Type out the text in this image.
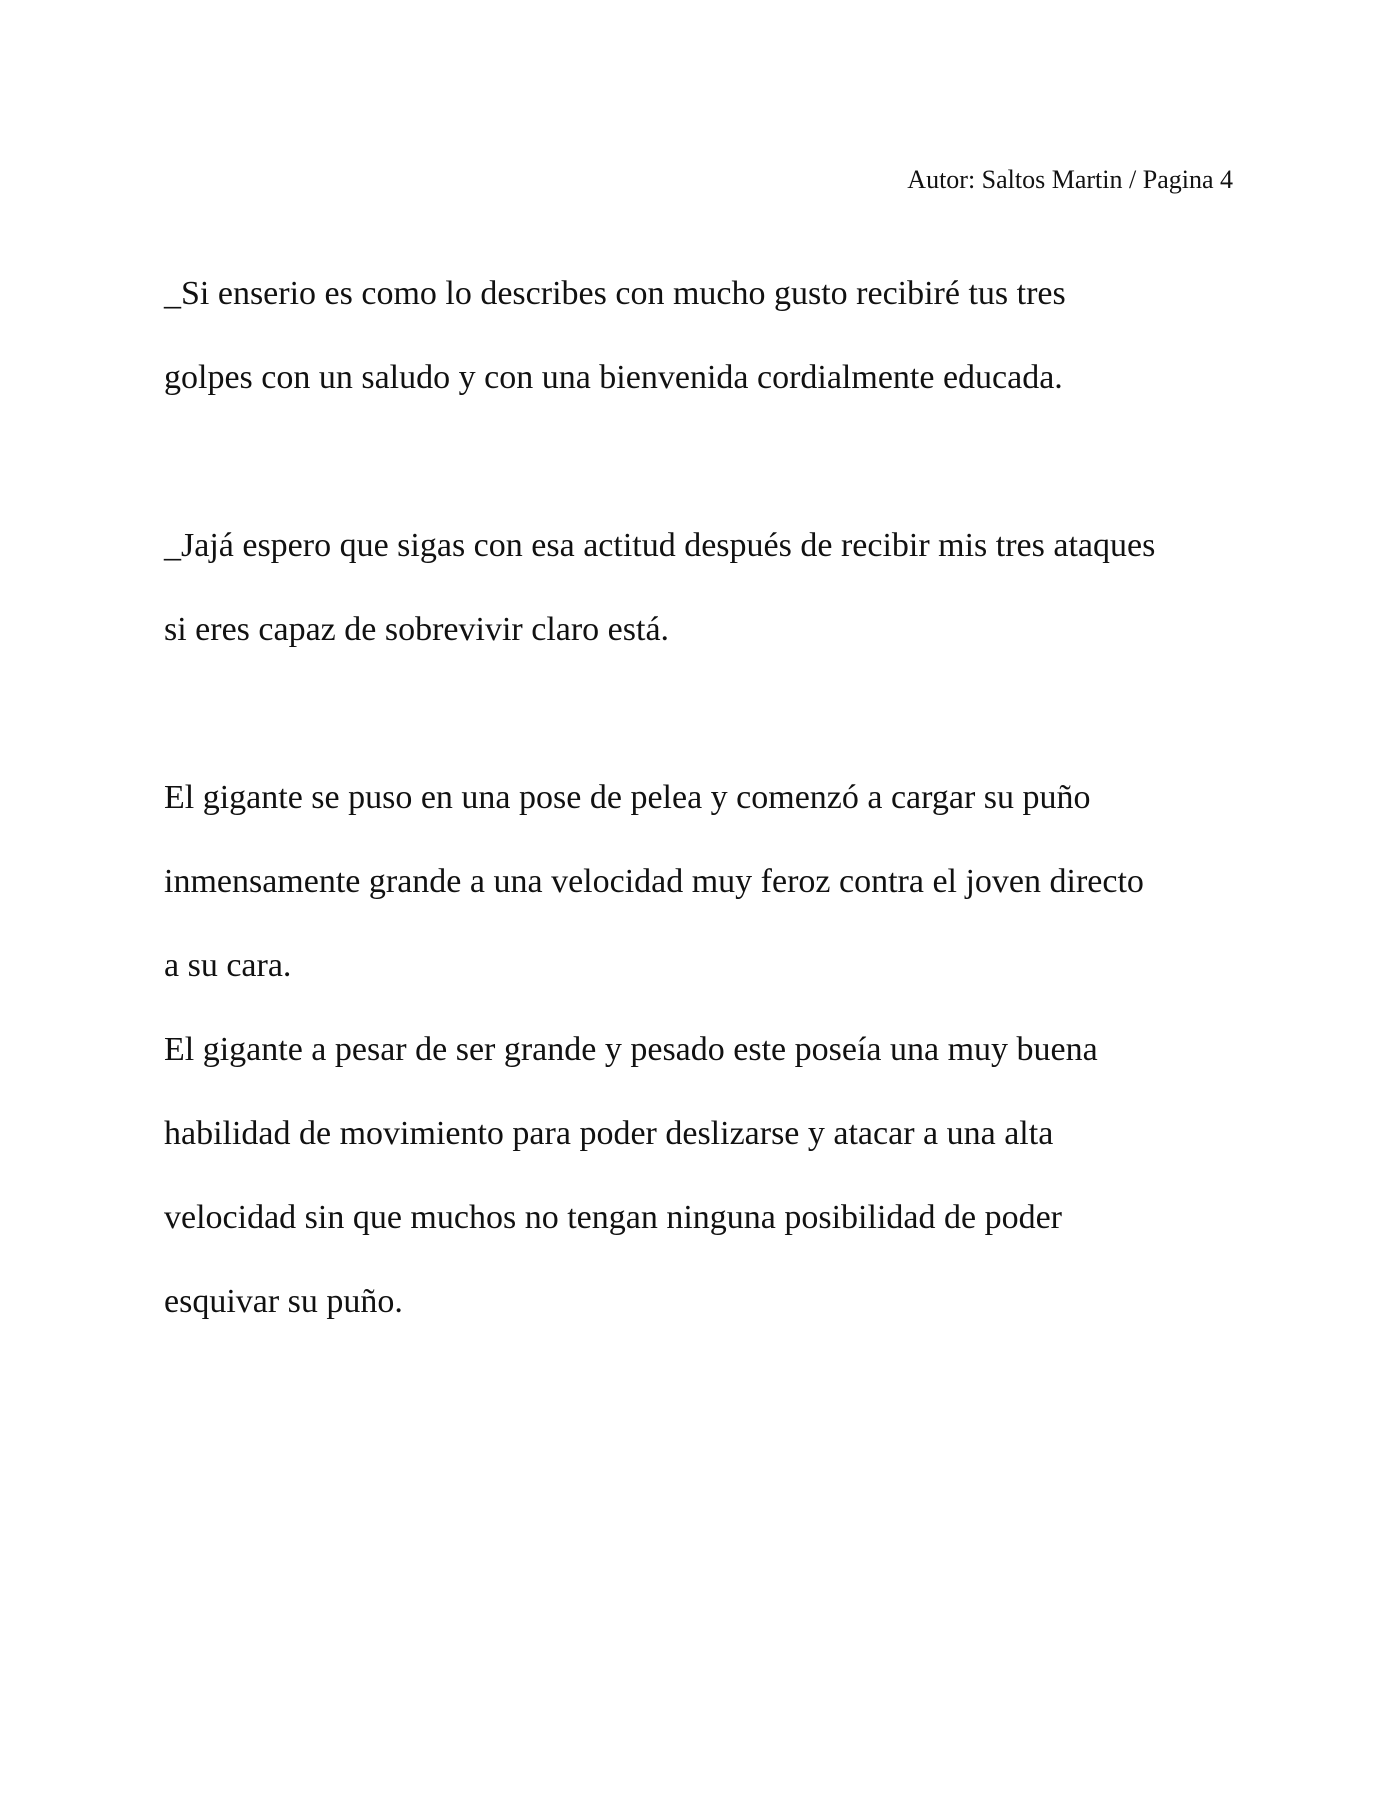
Autor: Saltos Martin / Pagina 4
_Si enserio es como lo describes con mucho gusto recibiré tus tres
golpes con un saludo y con una bienvenida cordialmente educada.
_Jajá espero que sigas con esa actitud después de recibir mis tres ataques
si eres capaz de sobrevivir claro está.
El gigante se puso en una pose de pelea y comenzó a cargar su puño
inmensamente grande a una velocidad muy feroz contra el joven directo
a su cara.
El gigante a pesar de ser grande y pesado este poseía una muy buena
habilidad de movimiento para poder deslizarse y atacar a una alta
velocidad sin que muchos no tengan ninguna posibilidad de poder
esquivar su puño.
